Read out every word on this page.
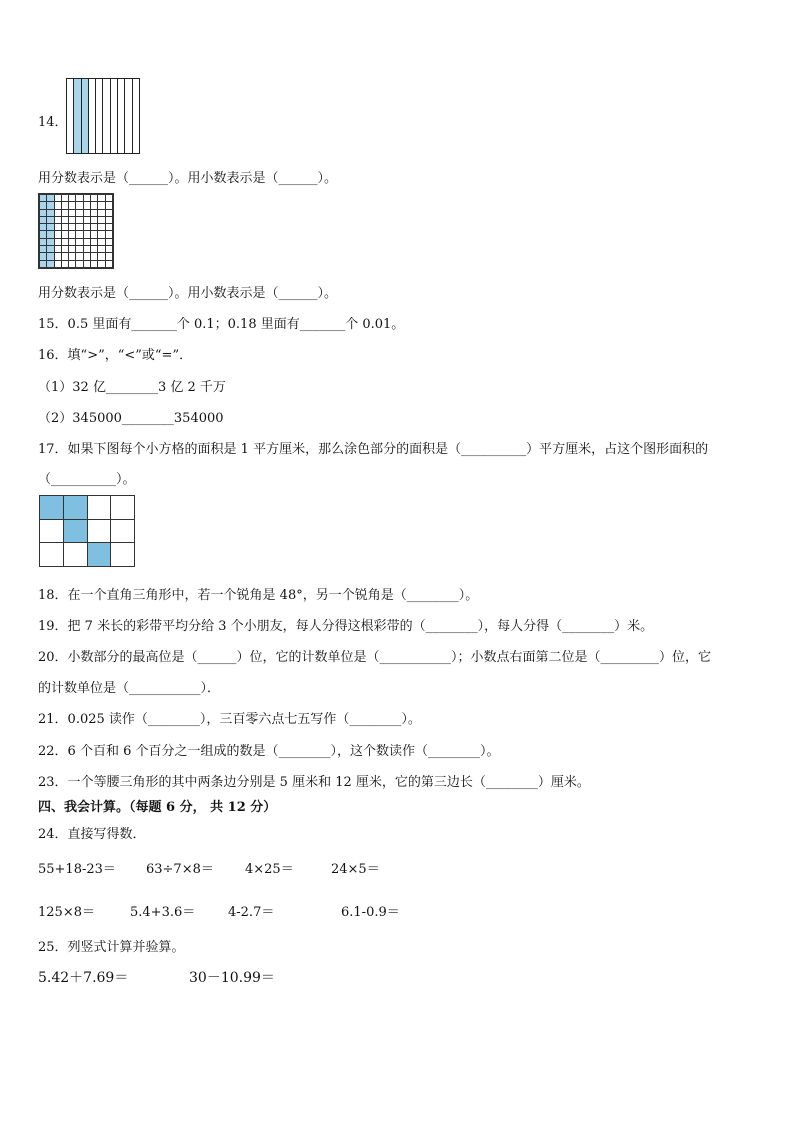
14．
用分数表示是（______）。用小数表示是（______）。

用分数表示是（______）。用小数表示是（______）。
15．0.5 里面有_______个 0.1；0.18 里面有_______个 0.01。
16．填“>”，“<”或“=”．
（1）32 亿________3 亿 2 千万
（2）345000________354000
17．如果下图每个小方格的面积是 1 平方厘米，那么涂色部分的面积是（__________）平方厘米，占这个图形面积的
（__________）。

18．在一个直角三角形中，若一个锐角是 48°，另一个锐角是（________）。
19．把 7 米长的彩带平均分给 3 个小朋友，每人分得这根彩带的（________），每人分得（________）米。
20．小数部分的最高位是（______）位，它的计数单位是（___________）；小数点右面第二位是（_________）位，它
的计数单位是（___________）．
21．0.025 读作（________），三百零六点七五写作（________）。
22．6 个百和 6 个百分之一组成的数是（________），这个数读作（________）。
23．一个等腰三角形的其中两条边分别是 5 厘米和 12 厘米，它的第三边长（________）厘米。
四、我会计算。（每题 6 分， 共 12 分）
24．直接写得数．
55+18-23＝ 63÷7×8＝ 4×25＝	24×5＝
125×8＝	5.4+3.6＝	4-2.7＝	6.1-0.9＝
25．列竖式计算并验算。
5.42＋7.69＝	30－10.99＝
